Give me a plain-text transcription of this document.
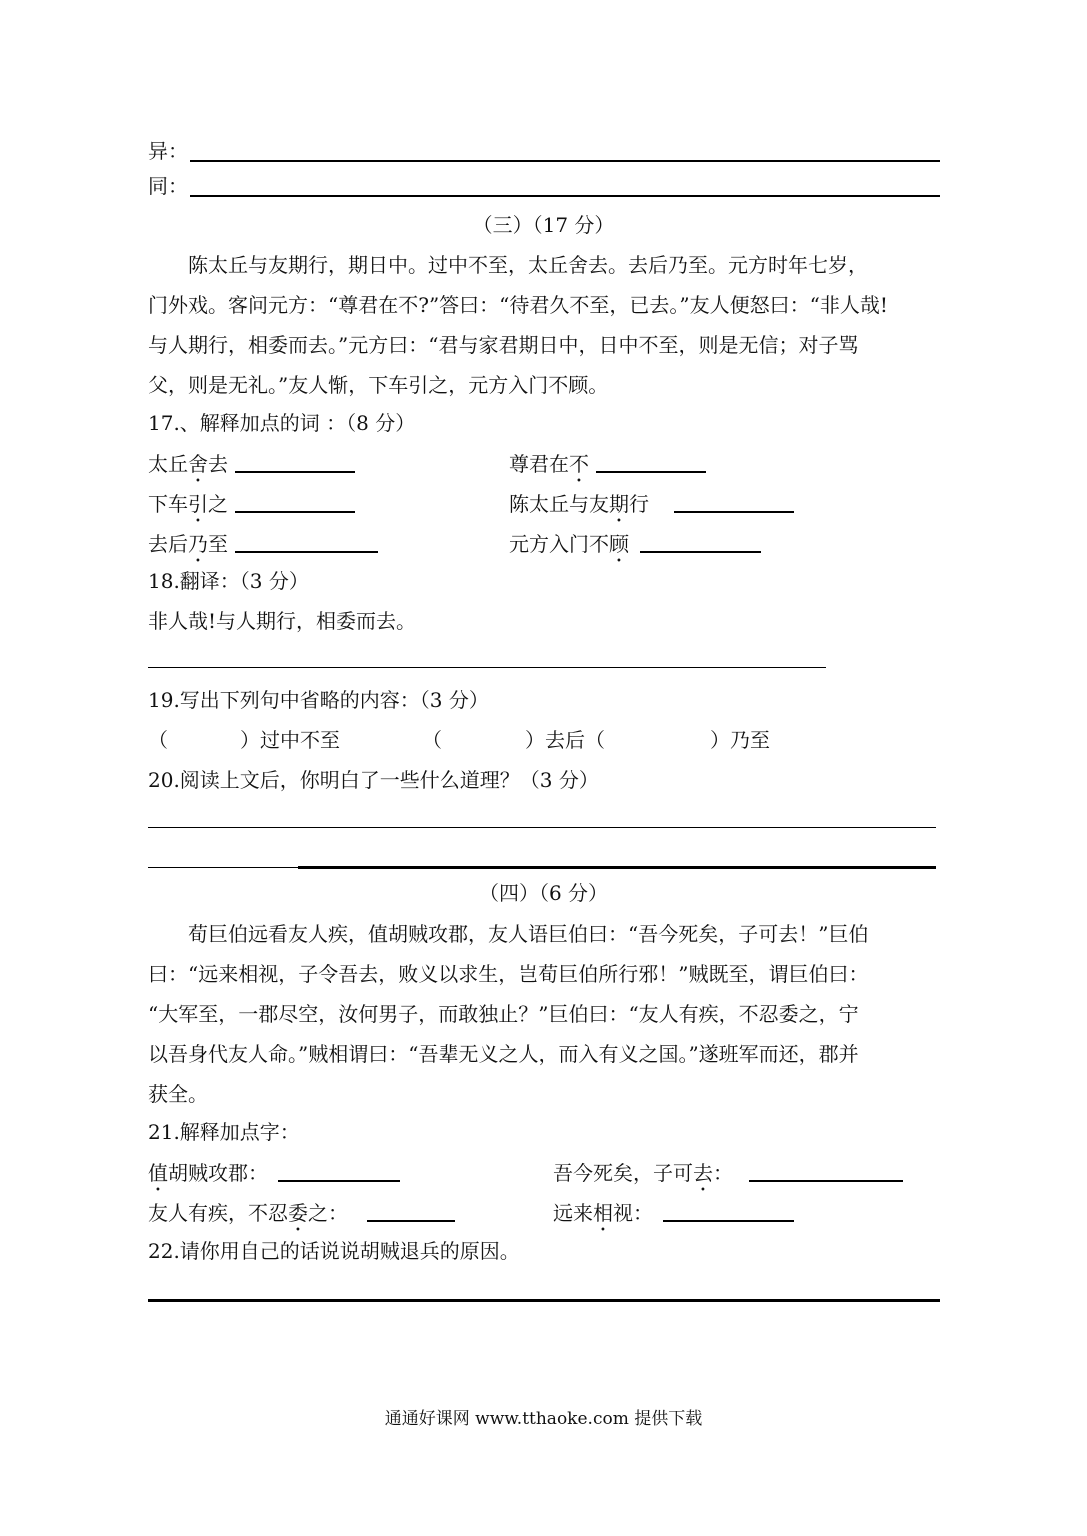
异：
同：
（三）（17 分）
陈太丘与友期行，期日中。过中不至，太丘舍去。去后乃至。元方时年七岁，
门外戏。客问元方：“尊君在不?”答曰：“待君久不至，已去。”友人便怒曰：“非人哉!
与人期行，相委而去。”元方曰：“君与家君期日中，日中不至，则是无信；对子骂
父，则是无礼。”友人惭，下车引之，元方入门不顾。
17.、解释加点的词 ：（8 分）
太丘舍去	尊君在不
下车引之	陈太丘与友期行
去后乃至	元方入门不顾
18.翻译：（3 分）
非人哉!与人期行，相委而去。
19.写出下列句中省略的内容：（3 分）
（	）过中不至	（	）去后（	）乃至
20.阅读上文后，你明白了一些什么道理？（3 分）
（四）（6 分）
荀巨伯远看友人疾，值胡贼攻郡，友人语巨伯曰：“吾今死矣，子可去！”巨伯
曰：“远来相视，子令吾去，败义以求生，岂荀巨伯所行邪！”贼既至，谓巨伯曰：
“大军至，一郡尽空，汝何男子，而敢独止？”巨伯曰：“友人有疾，不忍委之，宁
以吾身代友人命。”贼相谓曰：“吾辈无义之人，而入有义之国。”遂班军而还，郡并
获全。
21.解释加点字：
值胡贼攻郡：	吾今死矣，子可去：
友人有疾，不忍委之：	远来相视：
22.请你用自己的话说说胡贼退兵的原因。
通通好课网 www.tthaoke.com 提供下载
